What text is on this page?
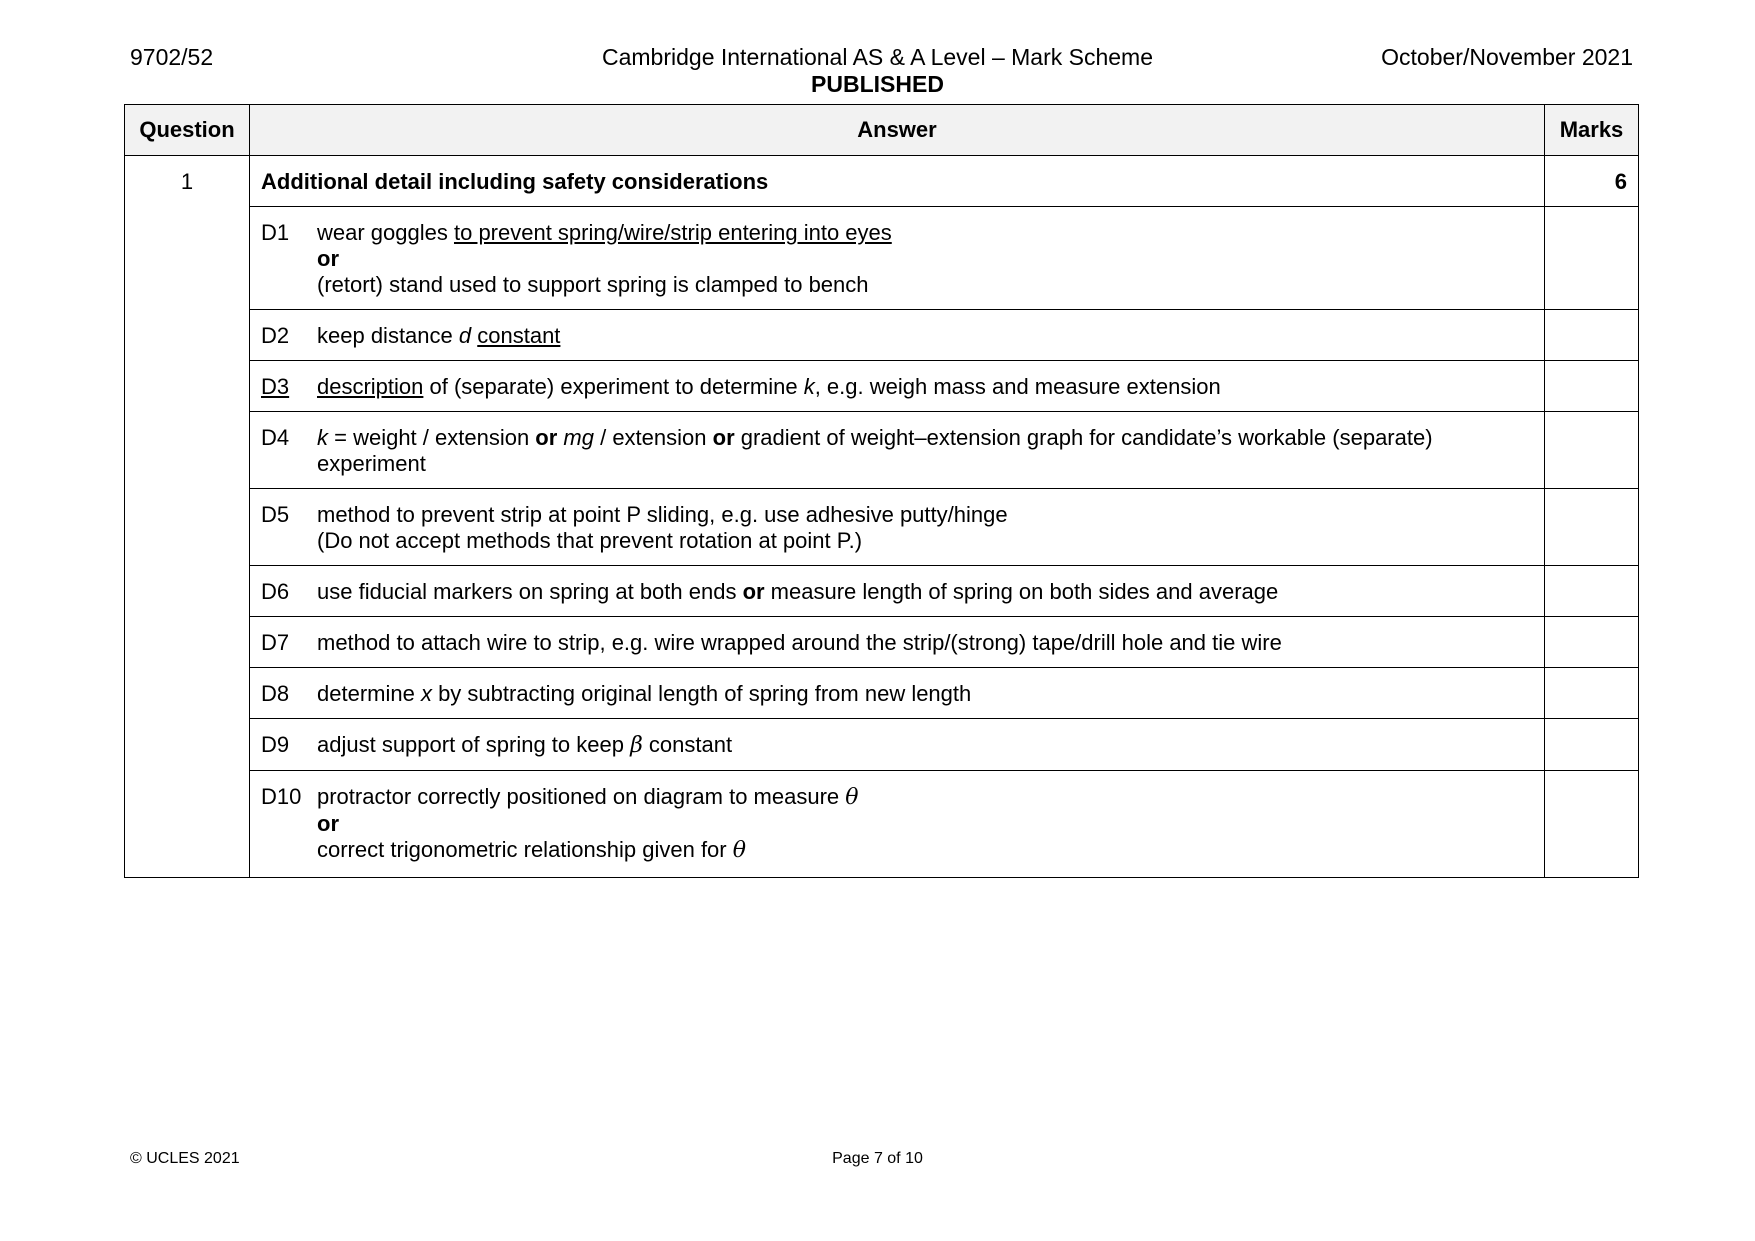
9702/52	Cambridge International AS & A Level – Mark Scheme
PUBLISHED
October/November 2021
Question	Answer	Marks
1	Additional detail including safety considerations	6
	D1 wear goggles to prevent spring/wire/strip entering into eyes
or
(retort) stand used to support spring is clamped to bench	
	D2 keep distance d constant	
	D3 description of (separate) experiment to determine k, e.g. weigh mass and measure extension	
	D4 k = weight / extension or mg / extension or gradient of weight–extension graph for candidate’s workable (separate) experiment	
	D5 method to prevent strip at point P sliding, e.g. use adhesive putty/hinge
(Do not accept methods that prevent rotation at point P.)	
	D6 use fiducial markers on spring at both ends or measure length of spring on both sides and average	
	D7 method to attach wire to strip, e.g. wire wrapped around the strip/(strong) tape/drill hole and tie wire	
	D8 determine x by subtracting original length of spring from new length	
	D9 adjust support of spring to keep β constant	
	D10 protractor correctly positioned on diagram to measure θ
or
correct trigonometric relationship given for θ	
© UCLES 2021	Page 7 of 10
